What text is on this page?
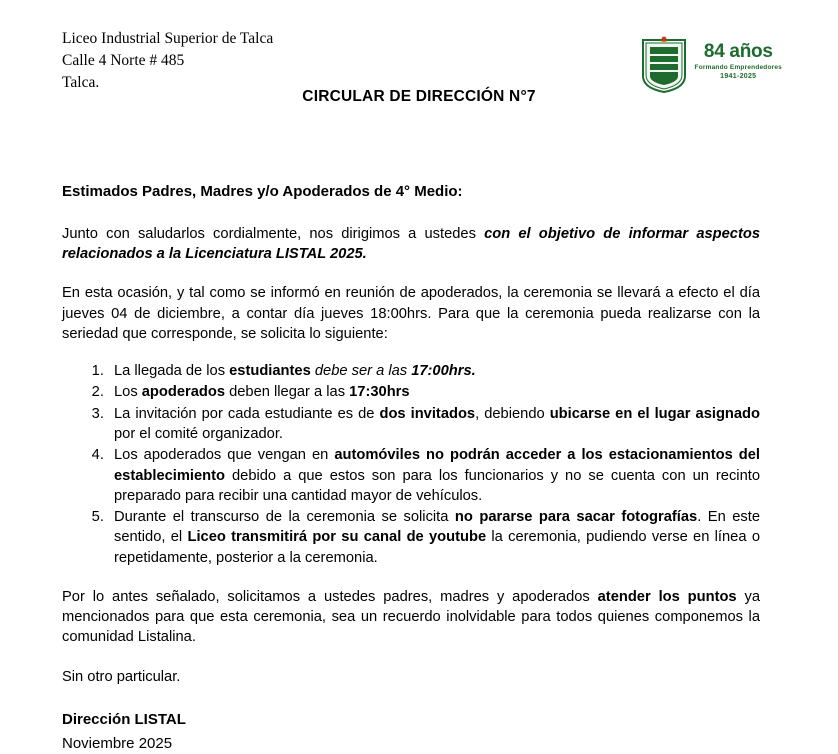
Liceo Industrial Superior de Talca
Calle 4 Norte # 485
Talca.
CIRCULAR DE DIRECCIÓN N°7
84 años
Formando Emprendedores
1941-2025
Estimados Padres, Madres y/o Apoderados de 4° Medio:

Junto con saludarlos cordialmente, nos dirigimos a ustedes con el objetivo de informar aspectos relacionados a la Licenciatura LISTAL 2025.

En esta ocasión, y tal como se informó en reunión de apoderados, la ceremonia se llevará a efecto el día jueves 04 de diciembre, a contar día jueves 18:00hrs. Para que la ceremonia pueda realizarse con la seriedad que corresponde, se solicita lo siguiente:

1. La llegada de los estudiantes debe ser a las 17:00hrs.
2. Los apoderados deben llegar a las 17:30hrs
3. La invitación por cada estudiante es de dos invitados, debiendo ubicarse en el lugar asignado por el comité organizador.
4. Los apoderados que vengan en automóviles no podrán acceder a los estacionamientos del establecimiento debido a que estos son para los funcionarios y no se cuenta con un recinto preparado para recibir una cantidad mayor de vehículos.
5. Durante el transcurso de la ceremonia se solicita no pararse para sacar fotografías. En este sentido, el Liceo transmitirá por su canal de youtube la ceremonia, pudiendo verse en línea o repetidamente, posterior a la ceremonia.

Por lo antes señalado, solicitamos a ustedes padres, madres y apoderados atender los puntos ya mencionados para que esta ceremonia, sea un recuerdo inolvidable para todos quienes componemos la comunidad Listalina.

Sin otro particular.

Dirección LISTAL
Noviembre 2025
